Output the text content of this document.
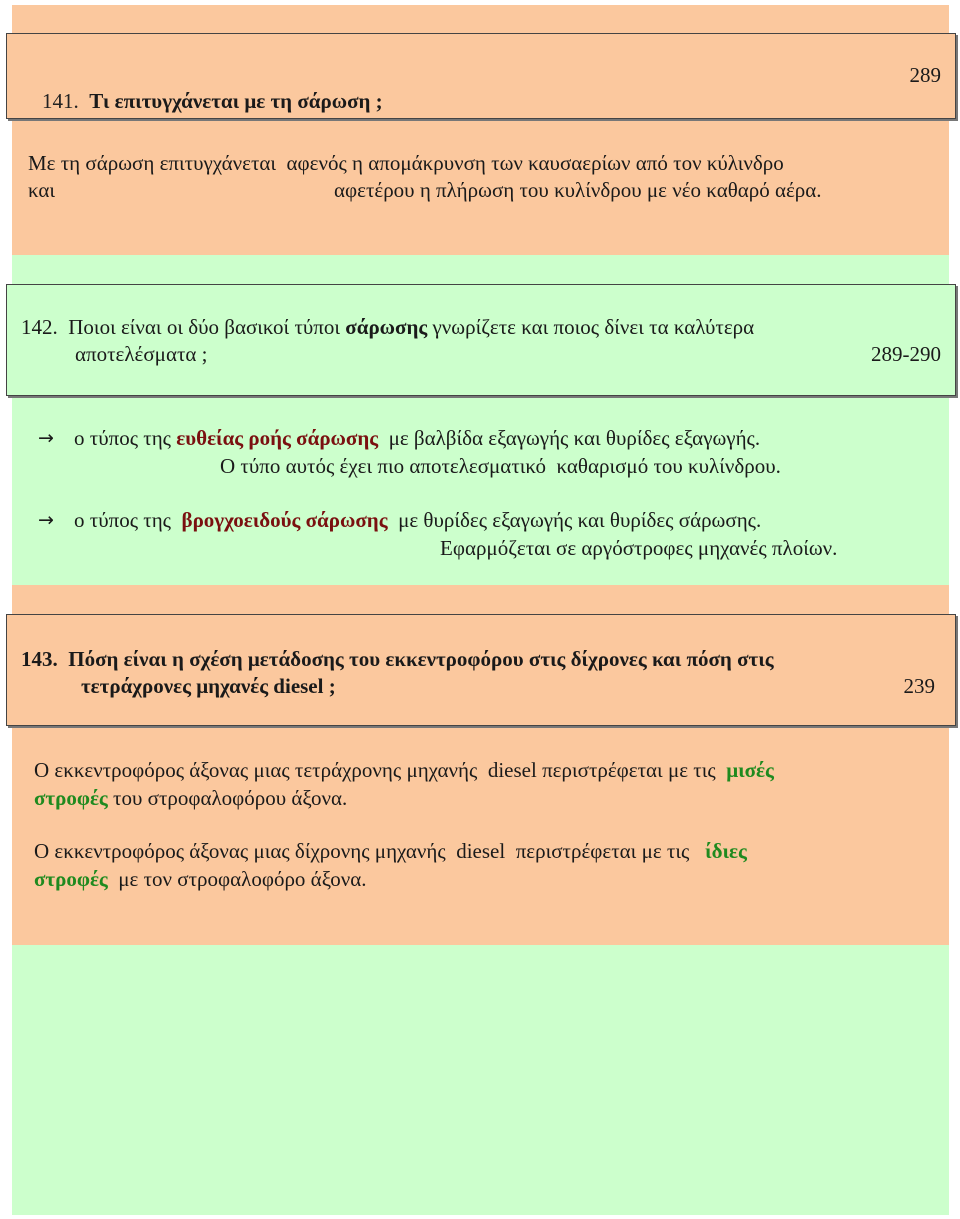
141. Τι επιτυγχάνεται με τη σάρωση ;

289
Με τη σάρωση επιτυγχάνεται  αφενός η απομάκρυνση των καυσαερίων από τον κύλινδρο
και	αφετέρου η πλήρωση του κυλίνδρου με νέο καθαρό αέρα.
142. Ποιοι είναι οι δύο βασικοί τύποι σάρωσης γνωρίζετε και ποιος δίνει τα καλύτερα
αποτελέσματα ;	289-290
→ ο τύπος της ευθείας ροής σάρωσης  με βαλβίδα εξαγωγής και θυρίδες εξαγωγής.
Ο τύπο αυτός έχει πιο αποτελεσματικό  καθαρισμό του κυλίνδρου.
→ ο τύπος της  βρογχοειδούς σάρωσης  με θυρίδες εξαγωγής και θυρίδες σάρωσης.
Εφαρμόζεται σε αργόστροφες μηχανές πλοίων.
143. Πόση είναι η σχέση μετάδοσης του εκκεντροφόρου στις δίχρονες και πόση στις
τετράχρονες μηχανές diesel ;	239
Ο εκκεντροφόρος άξονας μιας τετράχρονης μηχανής  diesel περιστρέφεται με τις  μισές
στροφές του στροφαλοφόρου άξονα.
Ο εκκεντροφόρος άξονας μιας δίχρονης μηχανής  diesel  περιστρέφεται με τις   ίδιες
στροφές  με τον στροφαλοφόρο άξονα.
